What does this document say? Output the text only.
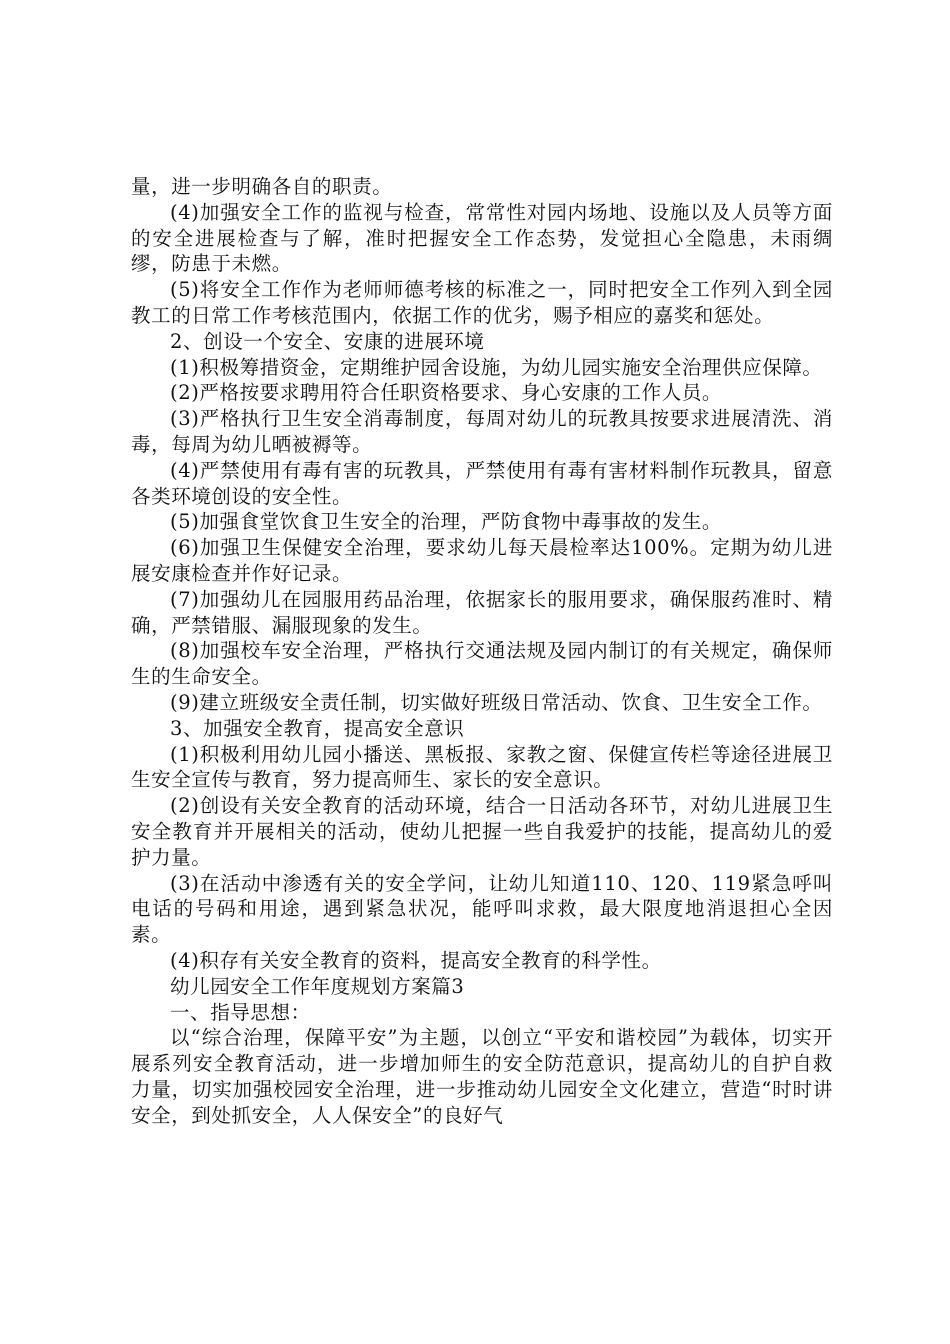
量，进一步明确各自的职责。

(4)加强安全工作的监视与检查，常常性对园内场地、设施以及人员等方面的安全进展检查与了解，准时把握安全工作态势，发觉担心全隐患，未雨绸缪，防患于未燃。

(5)将安全工作作为老师师德考核的标准之一，同时把安全工作列入到全园教工的日常工作考核范围内，依据工作的优劣，赐予相应的嘉奖和惩处。

2、创设一个安全、安康的进展环境

(1)积极筹措资金，定期维护园舍设施，为幼儿园实施安全治理供应保障。

(2)严格按要求聘用符合任职资格要求、身心安康的工作人员。

(3)严格执行卫生安全消毒制度，每周对幼儿的玩教具按要求进展清洗、消毒，每周为幼儿晒被褥等。

(4)严禁使用有毒有害的玩教具，严禁使用有毒有害材料制作玩教具，留意各类环境创设的安全性。

(5)加强食堂饮食卫生安全的治理，严防食物中毒事故的发生。

(6)加强卫生保健安全治理，要求幼儿每天晨检率达100%。定期为幼儿进展安康检查并作好记录。

(7)加强幼儿在园服用药品治理，依据家长的服用要求，确保服药准时、精确，严禁错服、漏服现象的发生。

(8)加强校车安全治理，严格执行交通法规及园内制订的有关规定，确保师生的生命安全。

(9)建立班级安全责任制，切实做好班级日常活动、饮食、卫生安全工作。

3、加强安全教育，提高安全意识

(1)积极利用幼儿园小播送、黑板报、家教之窗、保健宣传栏等途径进展卫生安全宣传与教育，努力提高师生、家长的安全意识。

(2)创设有关安全教育的活动环境，结合一日活动各环节，对幼儿进展卫生安全教育并开展相关的活动，使幼儿把握一些自我爱护的技能，提高幼儿的爱护力量。

(3)在活动中渗透有关的安全学问，让幼儿知道110、120、119紧急呼叫电话的号码和用途，遇到紧急状况，能呼叫求救，最大限度地消退担心全因素。

(4)积存有关安全教育的资料，提高安全教育的科学性。

幼儿园安全工作年度规划方案篇3

一、指导思想：

以“综合治理，保障平安”为主题，以创立“平安和谐校园”为载体，切实开展系列安全教育活动，进一步增加师生的安全防范意识，提高幼儿的自护自救力量，切实加强校园安全治理，进一步推动幼儿园安全文化建立，营造“时时讲安全，到处抓安全，人人保安全”的良好气
